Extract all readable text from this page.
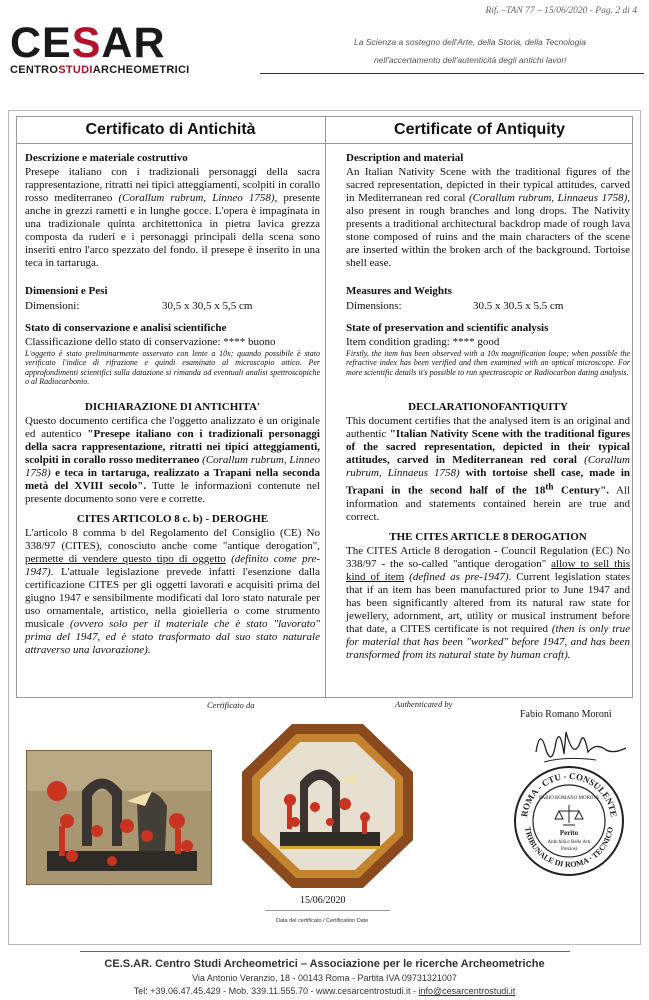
CESAR
CENTROSTUDIARCHEOMETRICI
Rif. –TAN 77 – 15/06/2020 - Pag. 2 di 4
La Scienza a sostegno dell'Arte, della Storia, della Tecnologia
nell'accertamento dell'autenticità degli antichi lavori
Certificato di Antichità	Certificate of Antiquity
Descrizione e materiale costruttivo
Presepe italiano con i tradizionali personaggi della sacra rappresentazione, ritratti nei tipici atteggiamenti, scolpiti in corallo rosso mediterraneo (Corallum rubrum, Linneo 1758), presente anche in grezzi rametti e in lunghe gocce. L'opera è impaginata in una tradizionale quinta architettonica in pietra lavica grezza composta da ruderi e i personaggi principali della scena sono inseriti entro l'arco spezzato del fondo. il presepe è inserito in una teca in tartaruga.
Dimensioni e Pesi
Dimensioni:	30,5 x 30,5 x 5,5 cm
Stato di conservazione e analisi scientifiche
Classificazione dello stato di conservazione: **** buono
L'oggetto è stato preliminarmente osservato con lente a 10x; quando possibile è stato verificato l'indice di rifrazione e quindi esaminato al microscopio ottico. Per approfondimenti scientifici sulla datazione si rimanda ad eventuali analisi spettroscopiche o al Radiocarbonio.
DICHIARAZIONE DI ANTICHITA'
Questo documento certifica che l'oggetto analizzato è un originale ed autentico "Presepe italiano con i tradizionali personaggi della sacra rappresentazione, ritratti nei tipici atteggiamenti, scolpiti in corallo rosso mediterraneo (Corallum rubrum, Linneo 1758) e teca in tartaruga, realizzato a Trapani nella seconda metà del XVIII secolo". Tutte le informazioni contenute nel presente documento sono vere e corrette.
CITES ARTICOLO 8 c. b) - DEROGHE
L'articolo 8 comma b del Regolamento del Consiglio (CE) No 338/97 (CITES), conosciuto anche come "antique derogation", permette di vendere questo tipo di oggetto (definito come pre-1947). L'attuale legislazione prevede infatti l'esenzione dalla certificazione CITES per gli oggetti lavorati e acquisiti prima del giugno 1947 e sensibilmente modificati dal loro stato naturale per uso ornamentale, artistico, nella gioielleria o come strumento musicale (ovvero solo per il materiale che è stato "lavorato" prima del 1947, ed è stato trasformato dal suo stato naturale attraverso una lavorazione).
Description and material
An Italian Nativity Scene with the traditional figures of the sacred representation, depicted in their typical attitudes, carved in Mediterranean red coral (Corallum rubrum, Linnaeus 1758), also present in rough branches and long drops. The Nativity presents a traditional architectural backdrop made of rough lava stone composed of ruins and the main characters of the scene are inserted within the broken arch of the background. Tortoise shell ease.
Measures and Weights
Dimensions:	30.5 x 30.5 x 5.5 cm
State of preservation and scientific analysis
Item condition grading: **** good
Firstly, the item has been observed with a 10x magnification loupe; when possible the refractive index has been verified and then examined with an optical microscope. For more scientific details it's possible to run spectroscopic or Radiocarbon dating analysis.
DECLARATIONOFANTIQUITY
This document certifies that the analysed item is an original and authentic "Italian Nativity Scene with the traditional figures of the sacred representation, depicted in their typical attitudes, carved in Mediterranean red coral (Corallum rubrum, Linnaeus 1758) with tortoise shell case, made in Trapani in the second half of the 18th Century". All information and statements contained herein are true and correct.
THE CITES ARTICLE 8 DEROGATION
The CITES Article 8 derogation - Council Regulation (EC) No 338/97 - the so-called "antique derogation" allow to sell this kind of item (defined as pre-1947). Current legislation states that if an item has been manufactured prior to June 1947 and has been significantly altered from its natural raw state for jewellery, adornment, art, utility or musical instrument before that date, a CITES certificate is not required (then is only true for material that has been "worked" before 1947, and has been transformed from its natural state by human craft).
Certificato da	Authenticated by
Fabio Romano Moroni
15/06/2020
Data del certificato / Certification Date
ROMA - CTU - CONSULENTE
TRIBUNALE DI ROMA · TECNICO
FABIO ROMANO MORONI
Perito
Antichità e Belle Arti
Preziosi
CE.S.AR. Centro Studi Archeometrici – Associazione per le ricerche Archeometriche
Via Antonio Veranzio, 18 - 00143 Roma - Partita IVA 09731321007
Tel: +39.06.47.45.429 - Mob. 339.11.555.70 - www.cesarcentrostudi.it - info@cesarcentrostudi.it
